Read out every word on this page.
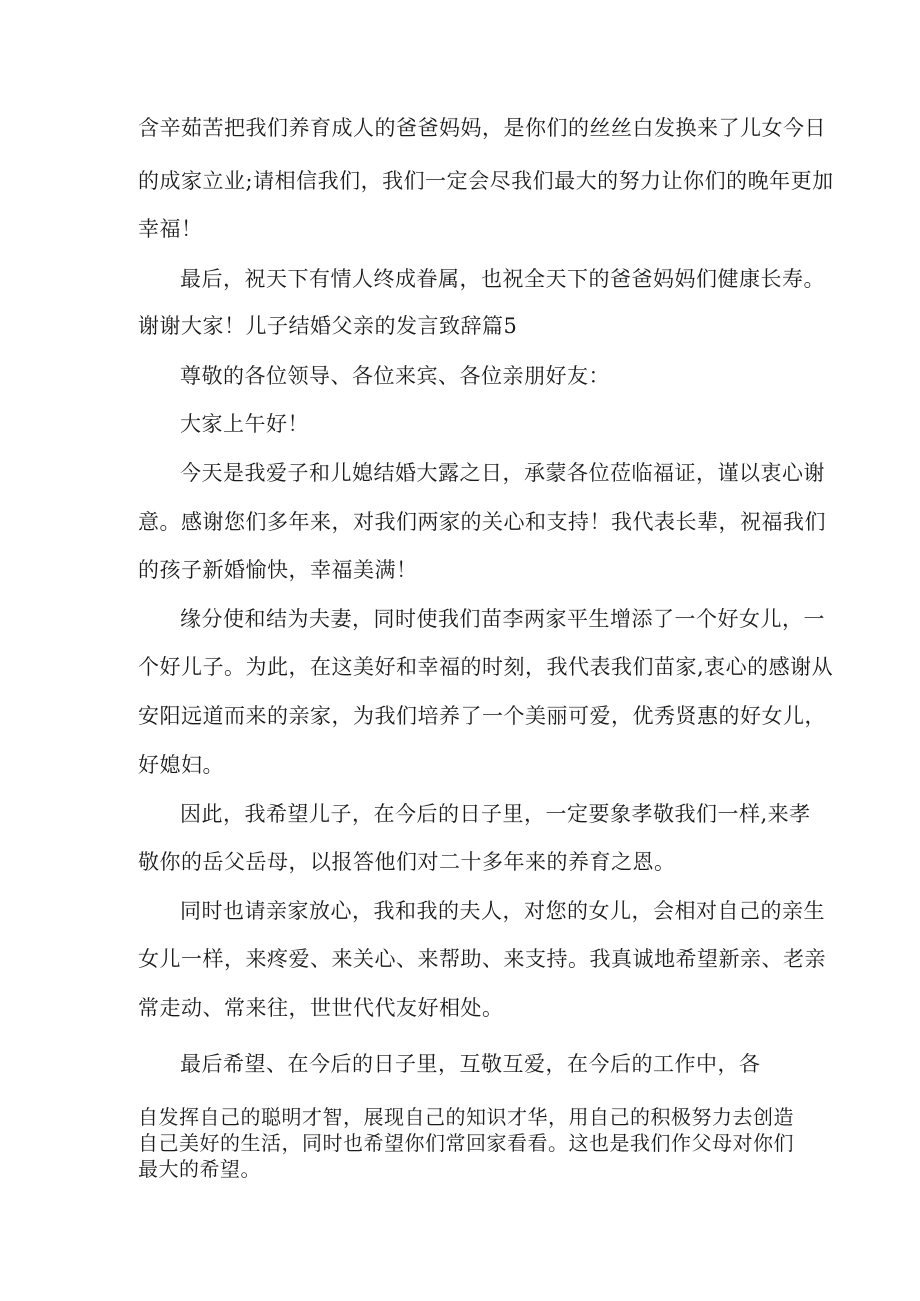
含辛茹苦把我们养育成人的爸爸妈妈，是你们的丝丝白发换来了儿女今日
的成家立业;请相信我们，我们一定会尽我们最大的努力让你们的晚年更加
幸福！
最后，祝天下有情人终成眷属，也祝全天下的爸爸妈妈们健康长寿。
谢谢大家！儿子结婚父亲的发言致辞篇5
尊敬的各位领导、各位来宾、各位亲朋好友：
大家上午好！
今天是我爱子和儿媳结婚大露之日，承蒙各位莅临福证，谨以衷心谢
意。感谢您们多年来，对我们两家的关心和支持！我代表长辈，祝福我们
的孩子新婚愉快，幸福美满！
缘分使和结为夫妻，同时使我们苗李两家平生增添了一个好女儿，一
个好儿子。为此，在这美好和幸福的时刻，我代表我们苗家,衷心的感谢从
安阳远道而来的亲家，为我们培养了一个美丽可爱，优秀贤惠的好女儿，
好媳妇。
因此，我希望儿子，在今后的日子里，一定要象孝敬我们一样,来孝
敬你的岳父岳母，以报答他们对二十多年来的养育之恩。
同时也请亲家放心，我和我的夫人，对您的女儿，会相对自己的亲生
女儿一样，来疼爱、来关心、来帮助、来支持。我真诚地希望新亲、老亲
常走动、常来往，世世代代友好相处。
最后希望、在今后的日子里，互敬互爱，在今后的工作中，各
自发挥自己的聪明才智，展现自己的知识才华，用自己的积极努力去创造
自己美好的生活，同时也希望你们常回家看看。这也是我们作父母对你们
最大的希望。
